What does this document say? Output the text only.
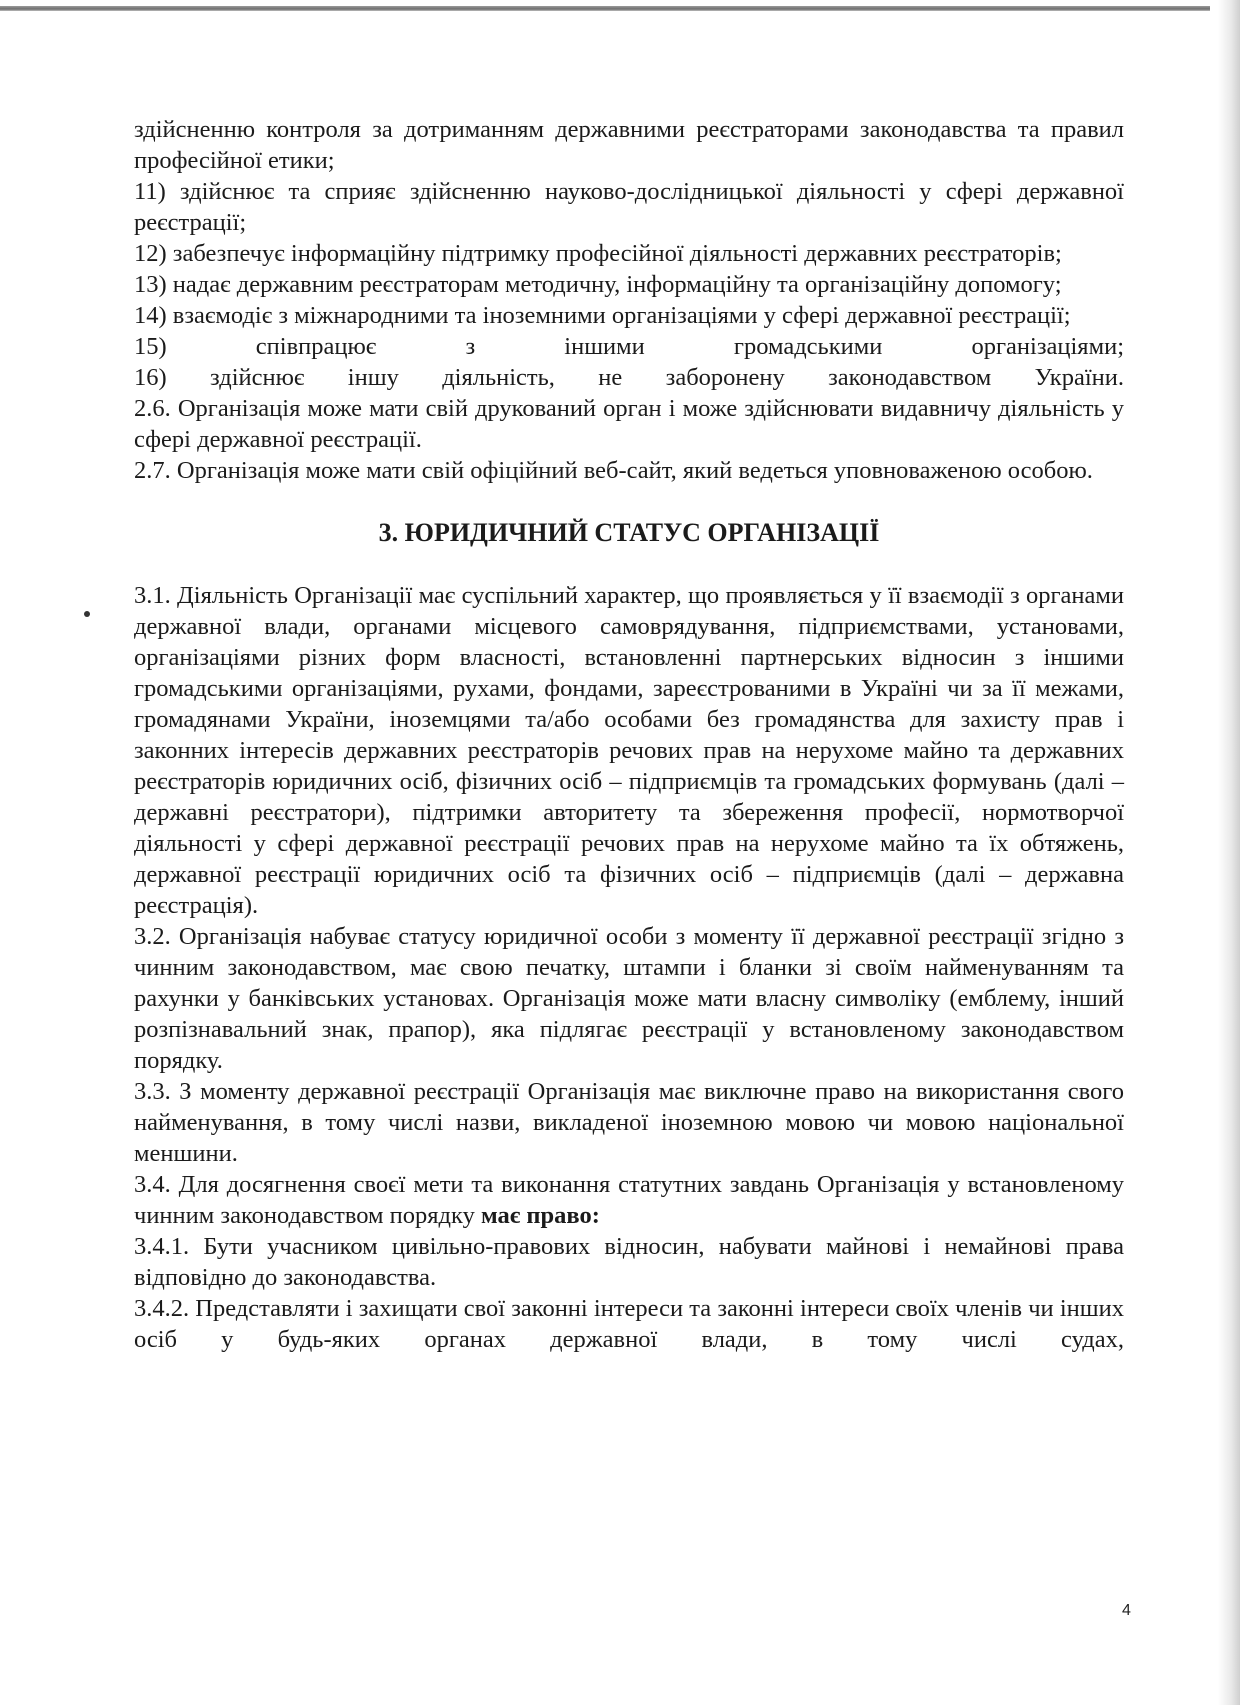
здійсненню контроля за дотриманням державними реєстраторами законодавства та правил професійної етики;

11) здійснює та сприяє здійсненню науково-дослідницької діяльності у сфері державної реєстрації;

12) забезпечує інформаційну підтримку професійної діяльності державних реєстраторів;

13) надає державним реєстраторам методичну, інформаційну та організаційну допомогу;

14) взаємодіє з міжнародними та іноземними організаціями у сфері державної реєстрації;

15) співпрацює з іншими громадськими організаціями;

16) здійснює іншу діяльність, не заборонену законодавством України.

2.6. Організація може мати свій друкований орган і може здійснювати видавничу діяльність у сфері державної реєстрації.

2.7. Організація може мати свій офіційний веб-сайт, який ведеться уповноваженою особою.

3. ЮРИДИЧНИЙ СТАТУС ОРГАНІЗАЦІЇ

3.1. Діяльність Організації має суспільний характер, що проявляється у її взаємодії з органами державної влади, органами місцевого самоврядування, підприємствами, установами, організаціями різних форм власності, встановленні партнерських відносин з іншими громадськими організаціями, рухами, фондами, зареєстрованими в Україні чи за її межами, громадянами України, іноземцями та/або особами без громадянства для захисту прав і законних інтересів державних реєстраторів речових прав на нерухоме майно та державних реєстраторів юридичних осіб, фізичних осіб – підприємців та громадських формувань (далі – державні реєстратори), підтримки авторитету та збереження професії, нормотворчої діяльності у сфері державної реєстрації речових прав на нерухоме майно та їх обтяжень, державної реєстрації юридичних осіб та фізичних осіб – підприємців (далі – державна реєстрація).

3.2. Організація набуває статусу юридичної особи з моменту її державної реєстрації згідно з чинним законодавством, має свою печатку, штампи і бланки зі своїм найменуванням та рахунки у банківських установах. Організація може мати власну символіку (емблему, інший розпізнавальний знак, прапор), яка підлягає реєстрації у встановленому законодавством порядку.

3.3. З моменту державної реєстрації Організація має виключне право на використання свого найменування, в тому числі назви, викладеної іноземною мовою чи мовою національної меншини.

3.4. Для досягнення своєї мети та виконання статутних завдань Організація у встановленому чинним законодавством порядку має право:

3.4.1. Бути учасником цивільно-правових відносин, набувати майнові і немайнові права відповідно до законодавства.

3.4.2. Представляти і захищати свої законні інтереси та законні інтереси своїх членів чи інших осіб у будь-яких органах державної влади, в тому числі судах,

4
